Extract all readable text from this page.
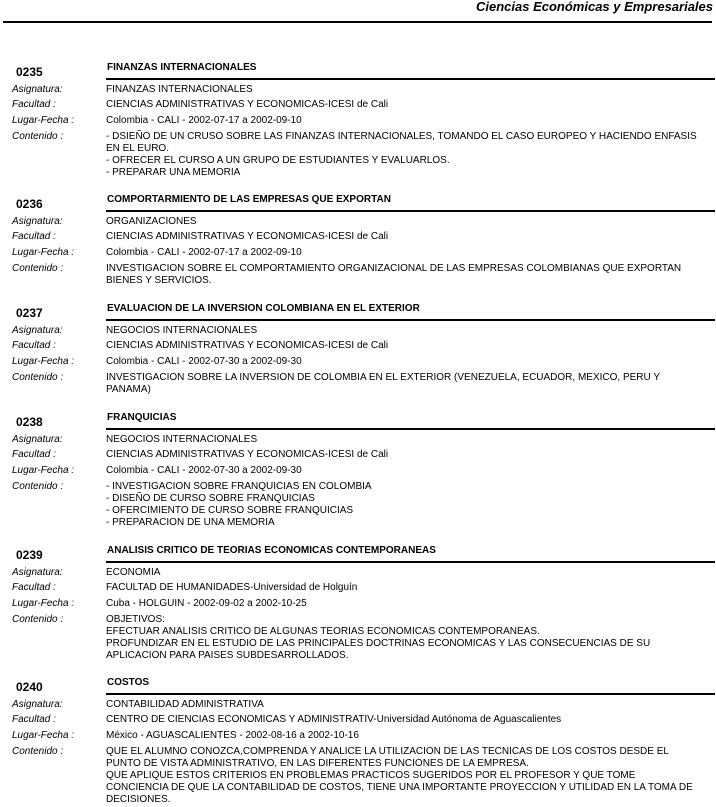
Ciencias Económicas y Empresariales
0235	FINANZAS INTERNACIONALES
Asignatura:	FINANZAS INTERNACIONALES
Facultad :	CIENCIAS ADMINISTRATIVAS Y ECONOMICAS-ICESI de Cali
Lugar-Fecha :	Colombia - CALI - 2002-07-17 a 2002-09-10
Contenido :	- DSIEÑO DE UN CRUSO SOBRE LAS FINANZAS INTERNACIONALES, TOMANDO EL CASO EUROPEO Y HACIENDO ENFASIS
EN EL EURO.
- OFRECER EL CURSO A UN GRUPO DE ESTUDIANTES Y EVALUARLOS.
- PREPARAR UNA MEMORIA
0236	COMPORTARMIENTO DE LAS EMPRESAS QUE EXPORTAN
Asignatura:	ORGANIZACIONES
Facultad :	CIENCIAS ADMINISTRATIVAS Y ECONOMICAS-ICESI de Cali
Lugar-Fecha :	Colombia - CALI - 2002-07-17 a 2002-09-10
Contenido :	INVESTIGACION SOBRE EL COMPORTAMIENTO ORGANIZACIONAL DE LAS EMPRESAS COLOMBIANAS QUE EXPORTAN
BIENES Y SERVICIOS.
0237	EVALUACION DE LA INVERSION COLOMBIANA EN EL EXTERIOR
Asignatura:	NEGOCIOS INTERNACIONALES
Facultad :	CIENCIAS ADMINISTRATIVAS Y ECONOMICAS-ICESI de Cali
Lugar-Fecha :	Colombia - CALI - 2002-07-30 a 2002-09-30
Contenido :	INVESTIGACION SOBRE LA INVERSION DE COLOMBIA EN EL EXTERIOR (VENEZUELA, ECUADOR, MEXICO, PERU Y
PANAMA)
0238	FRANQUICIAS
Asignatura:	NEGOCIOS INTERNACIONALES
Facultad :	CIENCIAS ADMINISTRATIVAS Y ECONOMICAS-ICESI de Cali
Lugar-Fecha :	Colombia - CALI - 2002-07-30 a 2002-09-30
Contenido :	- INVESTIGACION SOBRE FRANQUICIAS EN COLOMBIA
- DISEÑO DE CURSO SOBRE FRANQUICIAS
- OFERCIMIENTO DE CURSO SOBRE FRANQUICIAS
- PREPARACION DE UNA MEMORIA
0239	ANALISIS CRITICO DE TEORIAS ECONOMICAS CONTEMPORANEAS
Asignatura:	ECONOMIA
Facultad :	FACULTAD DE HUMANIDADES-Universidad de Holguín
Lugar-Fecha :	Cuba - HOLGUIN - 2002-09-02 a 2002-10-25
Contenido :	OBJETIVOS:
EFECTUAR ANALISIS CRITICO DE ALGUNAS TEORIAS ECONOMICAS CONTEMPORANEAS.
PROFUNDIZAR EN EL ESTUDIO DE LAS PRINCIPALES DOCTRINAS ECONOMICAS Y LAS CONSECUENCIAS DE SU
APLICACION PARA PAISES SUBDESARROLLADOS.
0240	COSTOS
Asignatura:	CONTABILIDAD ADMINISTRATIVA
Facultad :	CENTRO DE CIENCIAS ECONOMICAS Y ADMINISTRATIV-Universidad Autónoma de Aguascalientes
Lugar-Fecha :	México - AGUASCALIENTES - 2002-08-16 a 2002-10-16
Contenido :	QUE EL ALUMNO CONOZCA,COMPRENDA Y ANALICE LA UTILIZACION DE LAS TECNICAS DE LOS COSTOS DESDE EL
PUNTO DE VISTA ADMINISTRATIVO, EN LAS DIFERENTES FUNCIONES DE LA EMPRESA.
QUE APLIQUE ESTOS CRITERIOS EN PROBLEMAS PRACTICOS SUGERIDOS POR EL PROFESOR Y QUE TOME
CONCIENCIA DE QUE LA CONTABILIDAD DE COSTOS, TIENE UNA IMPORTANTE PROYECCION Y UTILIDAD EN LA TOMA DE
DECISIONES.
